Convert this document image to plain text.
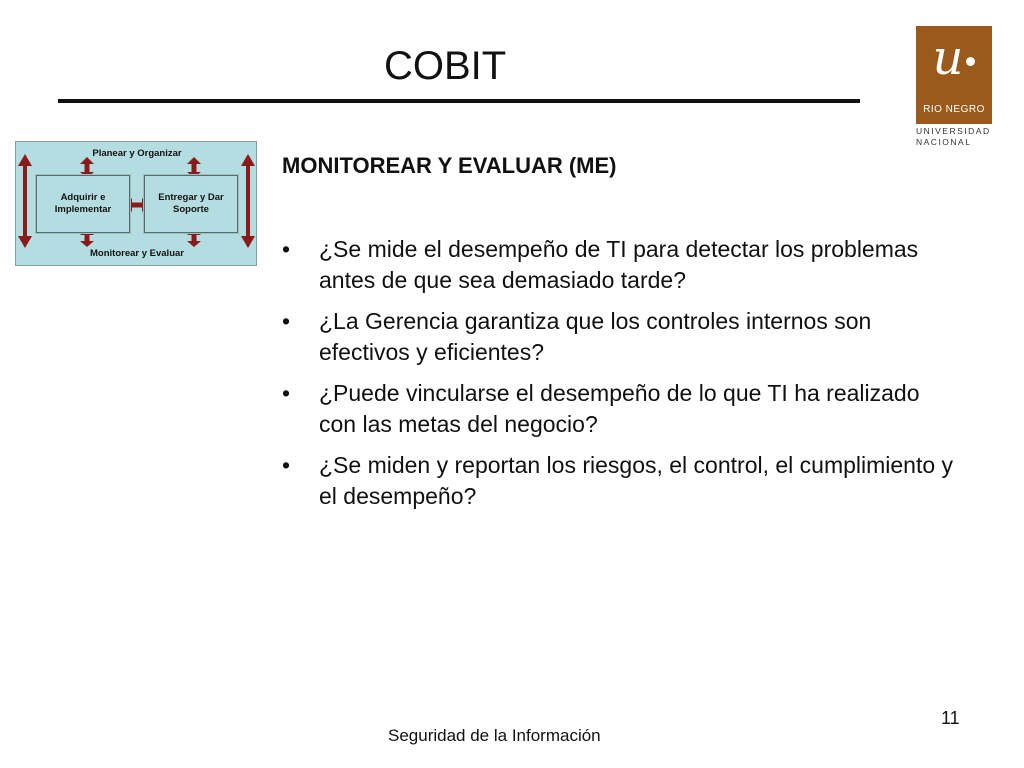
COBIT	u
RIO NEGRO
UNIVERSIDAD
NACIONAL
Planear y Organizar
Adquirir e Implementar
Entregar y Dar Soporte
Monitorear y Evaluar
MONITOREAR Y EVALUAR (ME)
• ¿Se mide el desempeño de TI para detectar los problemas antes de que sea demasiado tarde?
• ¿La Gerencia garantiza que los controles internos son efectivos y eficientes?
• ¿Puede vincularse el desempeño de lo que TI ha realizado con las metas del negocio?
• ¿Se miden y reportan los riesgos, el control, el cumplimiento y el desempeño?
11
Seguridad de la Información
